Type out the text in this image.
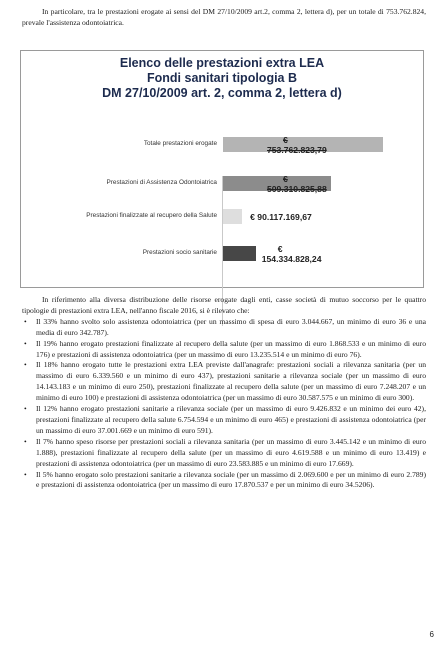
In particolare, tra le prestazioni erogate ai sensi del DM 27/10/2009 art.2, comma 2, lettera d), per un totale di 753.762.824, prevale l'assistenza odontoiatrica.
Elenco delle prestazioni extra LEA
Fondi sanitari tipologia B
DM 27/10/2009 art. 2, comma 2, lettera d)
Totale prestazioni erogate	€
753.762.823,79
Prestazioni di Assistenza Odontoiatrica	€
509.310.825,88
Prestazioni finalizzate al recupero della Salute	€ 90.117.169,67
Prestazioni socio sanitarie	€
154.334.828,24

In riferimento alla diversa distribuzione delle risorse erogate dagli enti, casse società di mutuo soccorso per le quattro tipologie di prestazioni extra LEA, nell'anno fiscale 2016, si è rilevato che:

• Il 33% hanno svolto solo assistenza odontoiatrica (per un massimo di spesa di euro 3.044.667, un minimo di euro 36 e una media di euro 342.787).
• Il 19% hanno erogato prestazioni finalizzate al recupero della salute (per un massimo di euro 1.868.533 e un minimo di euro 176) e prestazioni di assistenza odontoiatrica (per un massimo di euro 13.235.514 e un minimo di euro 76).
• Il 18% hanno erogato tutte le prestazioni extra LEA previste dall'anagrafe: prestazioni sociali a rilevanza sanitaria (per un massimo di euro 6.339.560 e un minimo di euro 437), prestazioni sanitarie a rilevanza sociale (per un massimo di euro 14.143.183 e un minimo di euro 250), prestazioni finalizzate al recupero della salute (per un massimo di euro 7.248.207 e un minimo di euro 100) e prestazioni di assistenza odontoiatrica (per un massimo di euro 30.587.575 e un minimo di euro 300).
• Il 12% hanno erogato prestazioni sanitarie a rilevanza sociale (per un massimo di euro 9.426.832 e un minimo dei euro 42), prestazioni finalizzate al recupero della salute 6.754.594 e un minimo di euro 465) e prestazioni di assistenza odontoiatrica (per un massimo di euro 37.001.669 e un minimo di euro 591).
• Il 7% hanno speso risorse per prestazioni sociali a rilevanza sanitaria (per un massimo di euro 3.445.142 e un minimo di euro 1.888), prestazioni finalizzate al recupero della salute (per un massimo di euro 4.619.588 e un minimo di euro 13.419) e prestazioni di assistenza odontoiatrica (per un massimo di euro 23.583.885 e un minimo di euro 17.669).
• Il 5% hanno erogato solo prestazioni sanitarie a rilevanza sociale (per un massimo di 2.069.600 e per un minimo di euro 2.789) e prestazioni di assistenza odontoiatrica (per un massimo di euro 17.870.537 e per un minimo di euro 34.5206).
6
